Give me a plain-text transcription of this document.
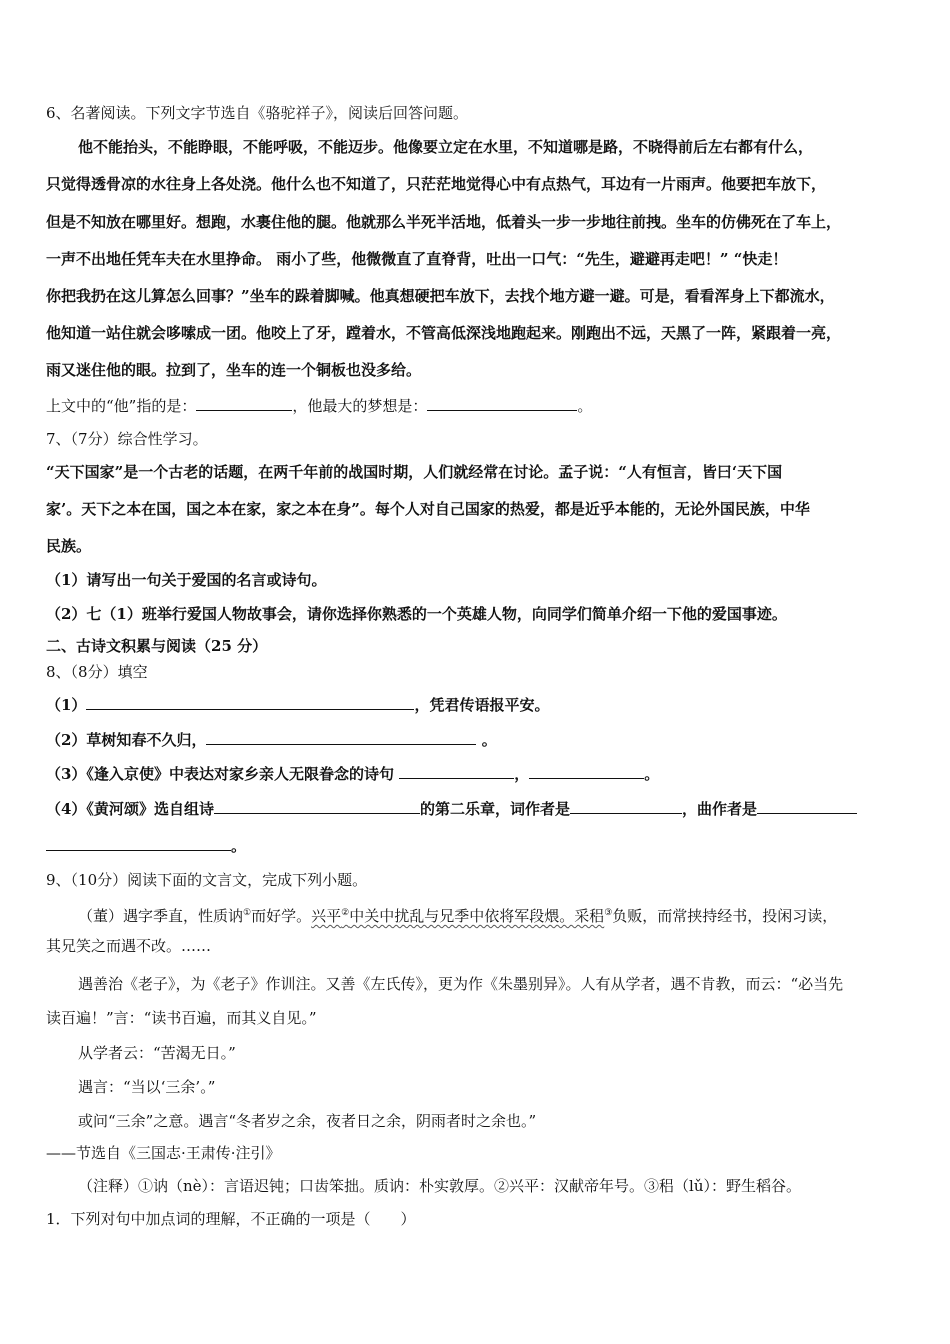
6、名著阅读。下列文字节选自《骆驼祥子》，阅读后回答问题。
他不能抬头，不能睁眼，不能呼吸，不能迈步。他像要立定在水里，不知道哪是路，不晓得前后左右都有什么，
只觉得透骨凉的水往身上各处浇。他什么也不知道了，只茫茫地觉得心中有点热气，耳边有一片雨声。他要把车放下，
但是不知放在哪里好。想跑，水裹住他的腿。他就那么半死半活地，低着头一步一步地往前拽。坐车的仿佛死在了车上，
一声不出地任凭车夫在水里挣命。 雨小了些，他微微直了直脊背，吐出一口气：“先生，避避再走吧！” “快走！
你把我扔在这儿算怎么回事？”坐车的跺着脚喊。他真想硬把车放下，去找个地方避一避。可是，看看浑身上下都流水，
他知道一站住就会哆嗦成一团。他咬上了牙，蹚着水，不管高低深浅地跑起来。刚跑出不远，天黑了一阵，紧跟着一亮，
雨又迷住他的眼。拉到了，坐车的连一个铜板也没多给。
上文中的“他”指的是：	，他最大的梦想是：	。
7、（7分）综合性学习。
“天下国家”是一个古老的话题，在两千年前的战国时期，人们就经常在讨论。孟子说：“人有恒言，皆曰‘天下国
家’。天下之本在国，国之本在家，家之本在身”。每个人对自己国家的热爱，都是近乎本能的，无论外国民族，中华
民族。
（1）请写出一句关于爱国的名言或诗句。
（2）七（1）班举行爱国人物故事会，请你选择你熟悉的一个英雄人物，向同学们简单介绍一下他的爱国事迹。
二、古诗文积累与阅读（25 分）
8、（8分）填空
（1）	，凭君传语报平安。
（2）草树知春不久归，	。
（3）《逢入京使》中表达对家乡亲人无限眷念的诗句	，	。
（4）《黄河颂》选自组诗	的第二乐章，词作者是	，曲作者是
。
9、（10分）阅读下面的文言文，完成下列小题。
（董）遇字季直，性质讷①而好学。兴平②中关中扰乱与兄季中依将军段煨。采稆③负贩，而常挟持经书，投闲习读，
其兄笑之而遇不改。……
遇善治《老子》，为《老子》作训注。又善《左氏传》，更为作《朱墨别异》。人有从学者，遇不肯教，而云：“必当先
读百遍！”言：“读书百遍，而其义自见。”
从学者云：“苦渴无日。”
遇言：“当以‘三余’。”
或问“三余”之意。遇言“冬者岁之余，夜者日之余，阴雨者时之余也。”
——节选自《三国志·王肃传·注引》
（注释）①讷（nè）：言语迟钝；口齿笨拙。质讷：朴实敦厚。②兴平：汉献帝年号。③稆（lǔ）：野生稻谷。
1．下列对句中加点词的理解，不正确的一项是（　　）
